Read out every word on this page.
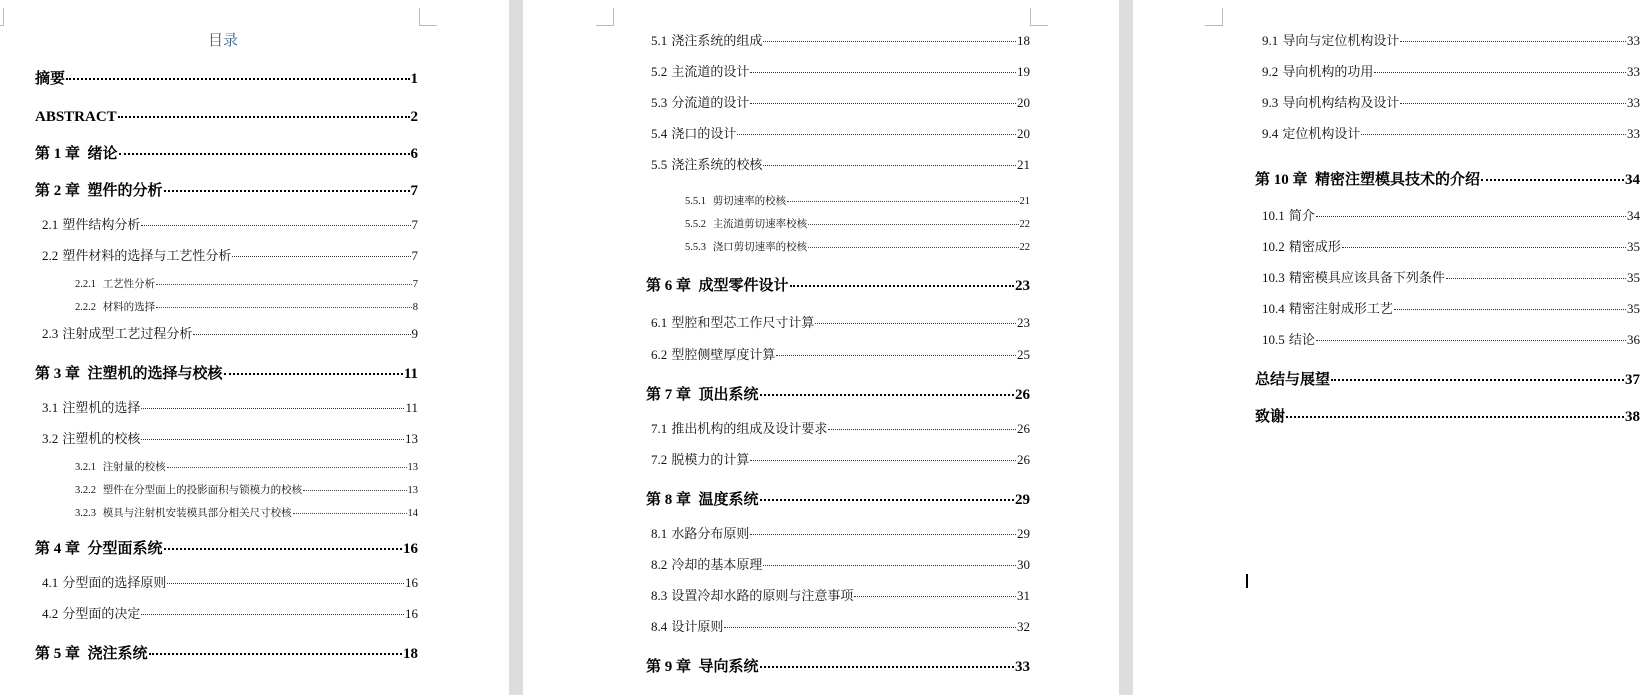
目录
摘要	1
ABSTRACT	2
第 1 章 绪论	6
第 2 章 塑件的分析	7
2.1 塑件结构分析	7
2.2 塑件材料的选择与工艺性分析	7
2.2.1 工艺性分析	7
2.2.2 材料的选择	8
2.3 注射成型工艺过程分析	9
第 3 章 注塑机的选择与校核	11
3.1 注塑机的选择	11
3.2 注塑机的校核	13
3.2.1 注射量的校核	13
3.2.2 塑件在分型面上的投影面积与锁模力的校核	13
3.2.3 模具与注射机安装模具部分相关尺寸校核	14
第 4 章 分型面系统	16
4.1 分型面的选择原则	16
4.2 分型面的决定	16
第 5 章 浇注系统	18
5.1 浇注系统的组成	18
5.2 主流道的设计	19
5.3 分流道的设计	20
5.4 浇口的设计	20
5.5 浇注系统的校核	21
5.5.1 剪切速率的校核	21
5.5.2 主流道剪切速率校核	22
5.5.3 浇口剪切速率的校核	22
第 6 章 成型零件设计	23
6.1 型腔和型芯工作尺寸计算	23
6.2 型腔侧壁厚度计算	25
第 7 章 顶出系统	26
7.1 推出机构的组成及设计要求	26
7.2 脱模力的计算	26
第 8 章 温度系统	29
8.1 水路分布原则	29
8.2 冷却的基本原理	30
8.3 设置冷却水路的原则与注意事项	31
8.4 设计原则	32
第 9 章 导向系统	33
9.1 导向与定位机构设计	33
9.2 导向机构的功用	33
9.3 导向机构结构及设计	33
9.4 定位机构设计	33
第 10 章 精密注塑模具技术的介绍	34
10.1 简介	34
10.2 精密成形	35
10.3 精密模具应该具备下列条件	35
10.4 精密注射成形工艺	35
10.5 结论	36
总结与展望	37
致谢	38
